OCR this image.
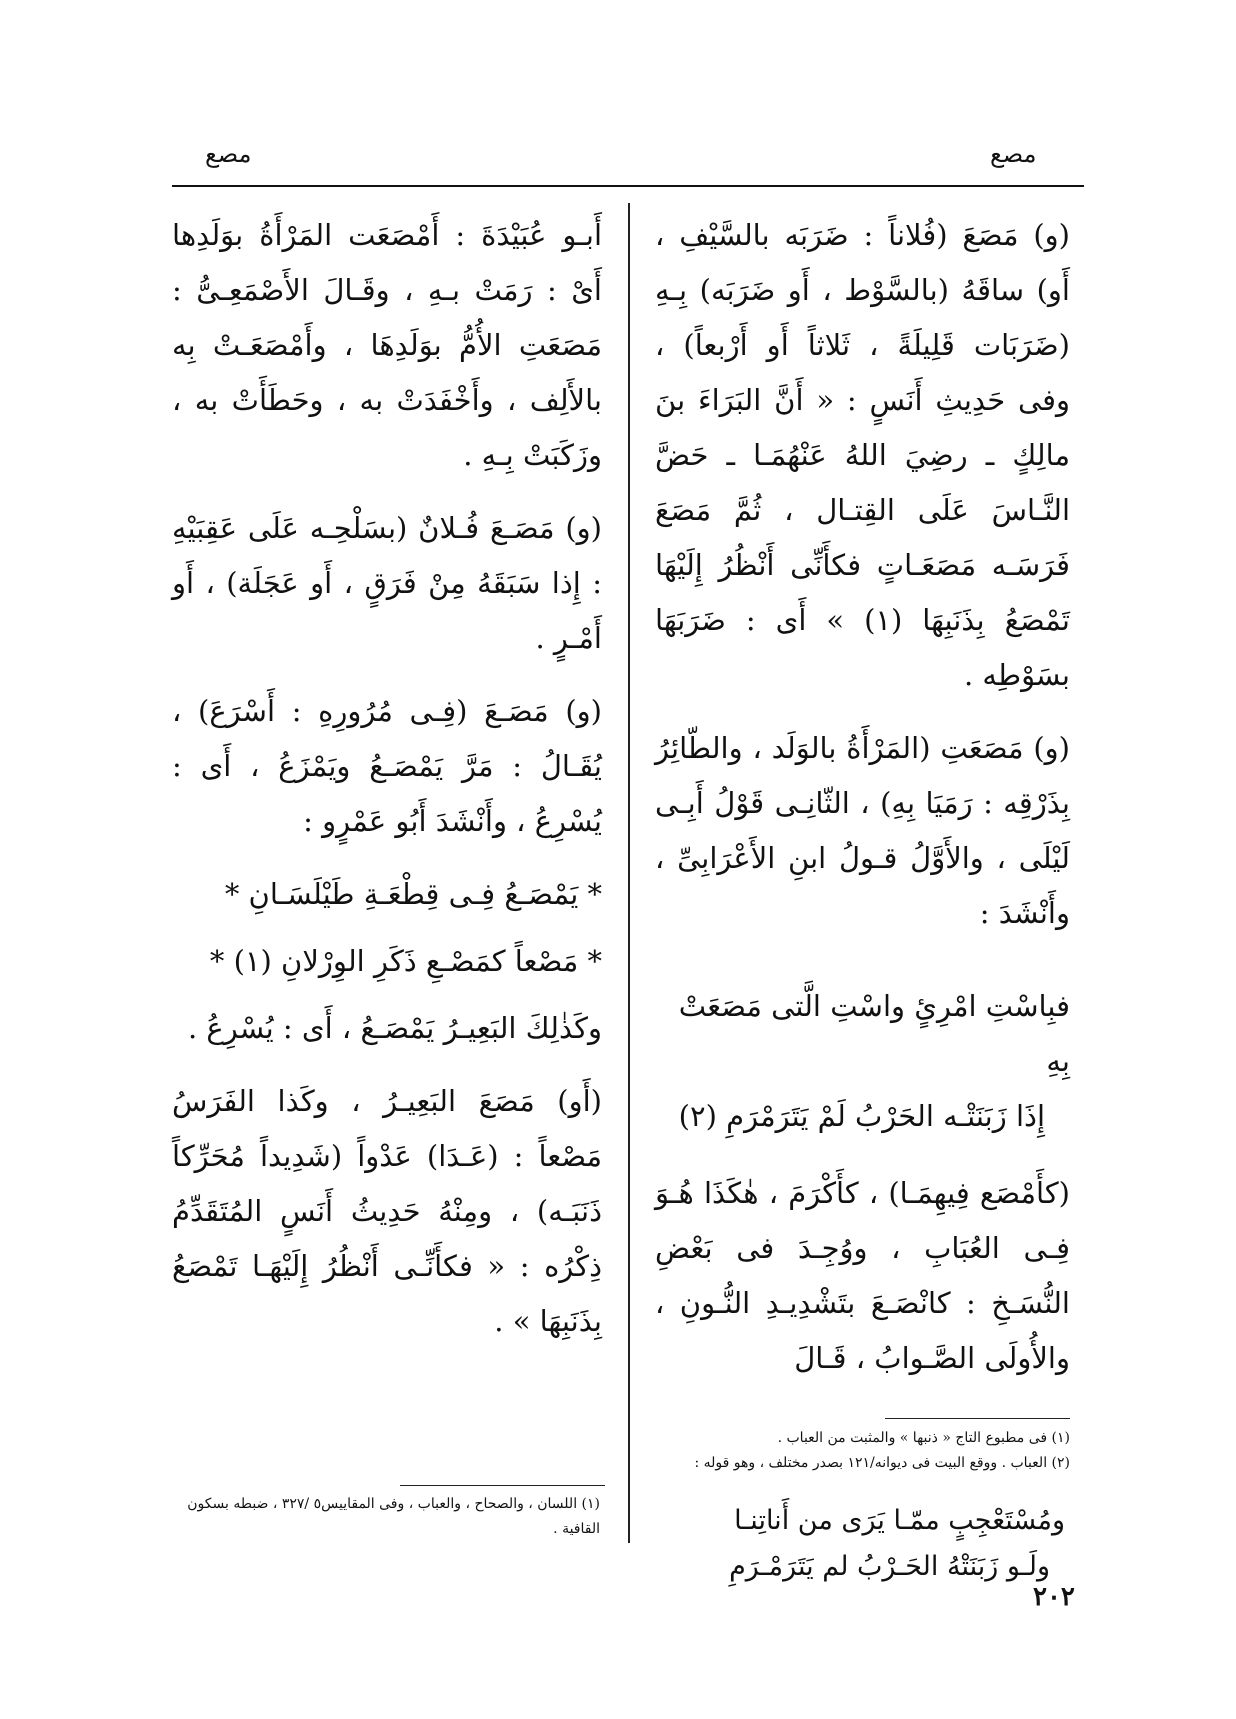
مصع
مصع

(و) مَصَعَ (فُلاناً : ضَرَبَه بالسَّيْفِ ، أَو) ساقَهُ (بالسَّوْط ، أَو ضَرَبَه) بِـهِ (ضَرَبَات قَلِيلَةً ، ثَلاثاً أَو أَرْبعاً) ، وفى حَدِيثِ أَنَسٍ : « أَنَّ البَرَاءَ بنَ مالِكٍ ـ رضِيَ اللهُ عَنْهُمَـا ـ حَضَّ النَّـاسَ عَلَى القِتـال ، ثُمَّ مَصَعَ فَرَسَـه مَصَعَـاتٍ فكأَنِّى أَنْظُرُ إِلَيْهَا تَمْصَعُ بِذَنَبِهَا (١) » أَى : ضَرَبَهَا بسَوْطِه .

(و) مَصَعَتِ (المَرْأَةُ بالوَلَد ، والطّائِرُ بِذَرْقِه : رَمَيَا بِهِ) ، الثّانِـى قَوْلُ أَبِـى لَيْلَى ، والأَوَّلُ قـولُ ابنِ الأَعْرَابِىِّ ، وأَنْشَدَ :

فبِاسْتِ امْرِئٍ واسْتِ الَّتى مَصَعَتْ بِهِ
إِذَا زَبَنَتْـه الحَرْبُ لَمْ يَتَرَمْرَمِ (٢)

(كأَمْصَع فِيهِمَـا) ، كأَكْرَمَ ، هٰكَذَا هُـوَ فِـى العُبَابِ ، ووُجِـدَ فى بَعْضِ النُّسَـخِ : كانْصَـعَ بتَشْدِيـدِ النُّـونِ ، والأُولَى الصَّـوابُ ، قَـالَ

أَبـو عُبَيْدَةَ : أَمْصَعَت المَرْأَةُ بوَلَدِها أَىْ : رَمَتْ بـهِ ، وقَـالَ الأَصْمَعِـىُّ : مَصَعَتِ الأُمُّ بوَلَدِهَا ، وأَمْصَعَـتْ بِه بالأَلِف ، وأَخْفَدَتْ به ، وحَطَأَتْ به ، وزَكَبَتْ بِـهِ .

(و) مَصَـعَ فُـلانٌ (بسَلْحِـه عَلَى عَقِبَيْهِ : إِذا سَبَقَهُ مِنْ فَرَقٍ ، أَو عَجَلَة) ، أَو أَمْـرٍ .

(و) مَصَـعَ (فِـى مُرُورِهِ : أَسْرَعَ) ، يُقَـالُ : مَرَّ يَمْصَـعُ ويَمْزَعُ ، أَى : يُسْرِعُ ، وأَنْشَدَ أَبُو عَمْرٍو :

* يَمْصَـعُ فِـى قِطْعَـةِ طَيْلَسَـانِ *

* مَصْعاً كمَصْـعِ ذَكَرِ الوِرْلانِ (١) *

وكَذٰلِكَ البَعِيـرُ يَمْصَـعُ ، أَى : يُسْرِعُ .

(أَو) مَصَعَ البَعِيـرُ ، وكَذا الفَرَسُ مَصْعاً : (عَـدَا) عَدْواً (شَدِيداً مُحَرِّكاً ذَنَبَـه) ، ومِنْهُ حَدِيثُ أَنَسٍ المُتَقَدِّمُ ذِكْرُه : « فكأَنِّـى أَنْظُرُ إِلَيْهَـا تَمْصَعُ بِذَنَبِهَا » .

(١) فى مطبوع التاج « ذنبها » والمثبت من العباب .
(٢) العباب . ووقع البيت فى ديوانه/١٢١ بصدر مختلف ، وهو قوله :
ومُسْتَعْجِبٍ ممّـا يَرَى من أَناتِنـا
ولَـو زَبَنَتْهُ الحَـرْبُ لم يَتَرَمْـرَمِ
(١) اللسان ، والصحاح ، والعباب ، وفى المقاييس٥ /٣٢٧ ، ضبطه بسكون القافية .
٢٠٢
